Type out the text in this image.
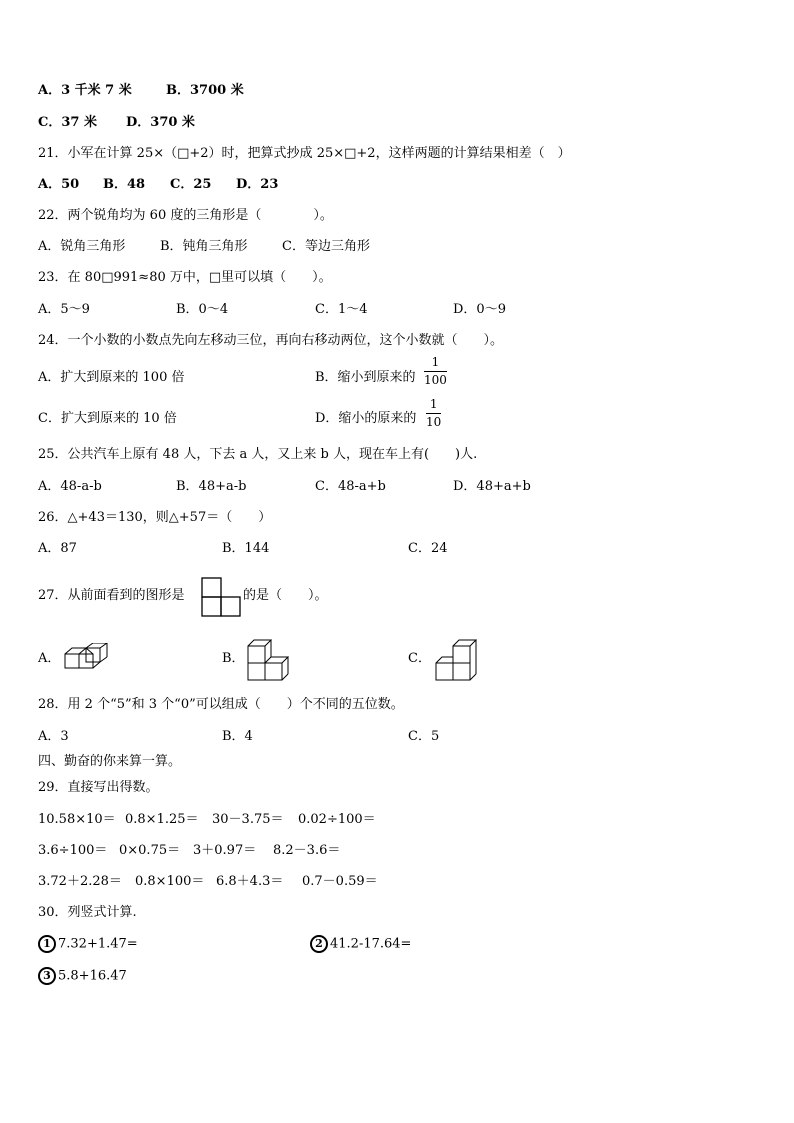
A．3 千米 7 米	B．3700 米
C．37 米 D．370 米
21．小军在计算 25×（□+2）时，把算式抄成 25×□+2，这样两题的计算结果相差（　）
A．50 B．48 C．25 D．23
22．两个锐角均为 60 度的三角形是（　　　　）。
A．锐角三角形	B．钝角三角形	C．等边三角形
23．在 80□991≈80 万中，□里可以填（　　）。
A．5～9	B．0～4	C．1～4	D．0～9
24．一个小数的小数点先向左移动三位，再向右移动两位，这个小数就（　　）。
A．扩大到原来的 100 倍	B．缩小到原来的
1
100
C．扩大到原来的 10 倍	D．缩小的原来的
1
10
25．公共汽车上原有 48 人，下去 a 人，又上来 b 人，现在车上有(　　)人.
A．48-a-b	B．48+a-b	C．48-a+b	D．48+a+b
26．△+43＝130，则△+57＝（　　）
A．87	B．144	C．24
27．从前面看到的图形是	的是（　　）。
A．	B．	C．
28．用 2 个“5”和 3 个“0”可以组成（　　）个不同的五位数。
A．3	B．4	C．5
四、勤奋的你来算一算。
29．直接写出得数。
10.58×10＝ 0.8×1.25＝ 30－3.75＝ 0.02÷100＝
3.6÷100＝ 0×0.75＝ 3＋0.97＝ 8.2－3.6＝
3.72＋2.28＝ 0.8×100＝ 6.8＋4.3＝ 0.7－0.59＝
30．列竖式计算.
1 7.32+1.47=	2 41.2-17.64=
3 5.8+16.47
